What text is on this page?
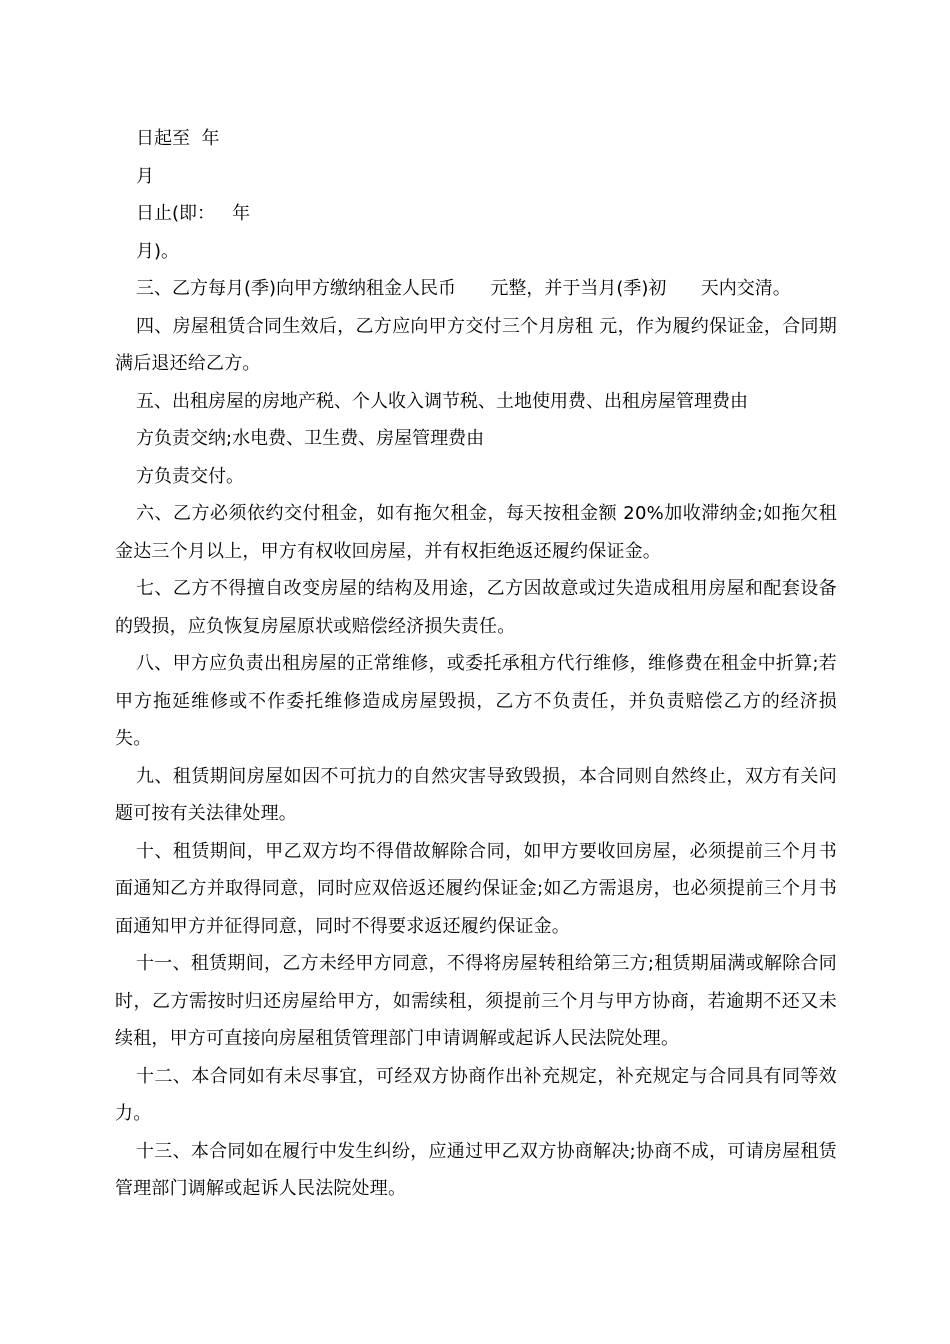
日起至  年
月
日止(即：   年
月)。
三、乙方每月(季)向甲方缴纳租金人民币      元整，并于当月(季)初      天内交清。
四、房屋租赁合同生效后，乙方应向甲方交付三个月房租 元，作为履约保证金，合同期满后退还给乙方。
五、出租房屋的房地产税、个人收入调节税、土地使用费、出租房屋管理费由
方负责交纳;水电费、卫生费、房屋管理费由
方负责交付。
六、乙方必须依约交付租金，如有拖欠租金，每天按租金额 20%加收滞纳金;如拖欠租金达三个月以上，甲方有权收回房屋，并有权拒绝返还履约保证金。
七、乙方不得擅自改变房屋的结构及用途，乙方因故意或过失造成租用房屋和配套设备的毁损，应负恢复房屋原状或赔偿经济损失责任。
八、甲方应负责出租房屋的正常维修，或委托承租方代行维修，维修费在租金中折算;若甲方拖延维修或不作委托维修造成房屋毁损，乙方不负责任，并负责赔偿乙方的经济损失。
九、租赁期间房屋如因不可抗力的自然灾害导致毁损，本合同则自然终止，双方有关问题可按有关法律处理。
十、租赁期间，甲乙双方均不得借故解除合同，如甲方要收回房屋，必须提前三个月书面通知乙方并取得同意，同时应双倍返还履约保证金;如乙方需退房，也必须提前三个月书面通知甲方并征得同意，同时不得要求返还履约保证金。
十一、租赁期间，乙方未经甲方同意，不得将房屋转租给第三方;租赁期届满或解除合同时，乙方需按时归还房屋给甲方，如需续租，须提前三个月与甲方协商，若逾期不还又未续租，甲方可直接向房屋租赁管理部门申请调解或起诉人民法院处理。
十二、本合同如有未尽事宜，可经双方协商作出补充规定，补充规定与合同具有同等效力。
十三、本合同如在履行中发生纠纷，应通过甲乙双方协商解决;协商不成，可请房屋租赁管理部门调解或起诉人民法院处理。
